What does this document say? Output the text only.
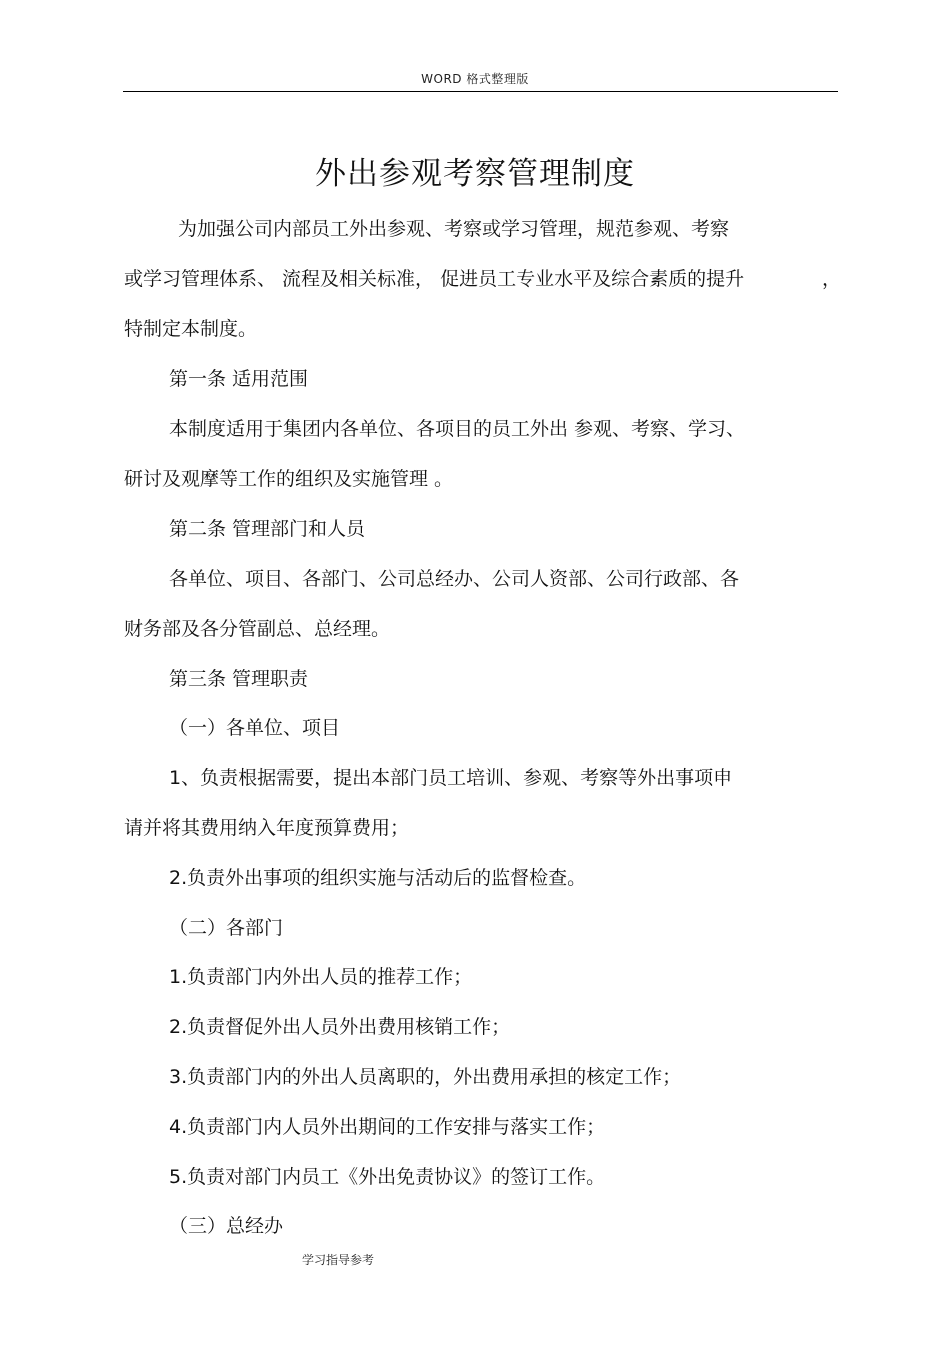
WORD 格式整理版
外出参观考察管理制度
为加强公司内部员工外出参观、考察或学习管理，规范参观、考察
或学习管理体系、 流程及相关标准， 促进员工专业水平及综合素质的提升	，
特制定本制度。
第一条 适用范围
本制度适用于集团内各单位、各项目的员工外出 参观、考察、学习、
研讨及观摩等工作的组织及实施管理 。
第二条 管理部门和人员
各单位、项目、各部门、公司总经办、公司人资部、公司行政部、各
财务部及各分管副总、总经理。
第三条 管理职责
（一）各单位、项目
1、负责根据需要，提出本部门员工培训、参观、考察等外出事项申
请并将其费用纳入年度预算费用；
2.负责外出事项的组织实施与活动后的监督检查。
（二）各部门
1.负责部门内外出人员的推荐工作；
2.负责督促外出人员外出费用核销工作；
3.负责部门内的外出人员离职的，外出费用承担的核定工作；
4.负责部门内人员外出期间的工作安排与落实工作；
5.负责对部门内员工《外出免责协议》的签订工作。
（三）总经办
学习指导参考
